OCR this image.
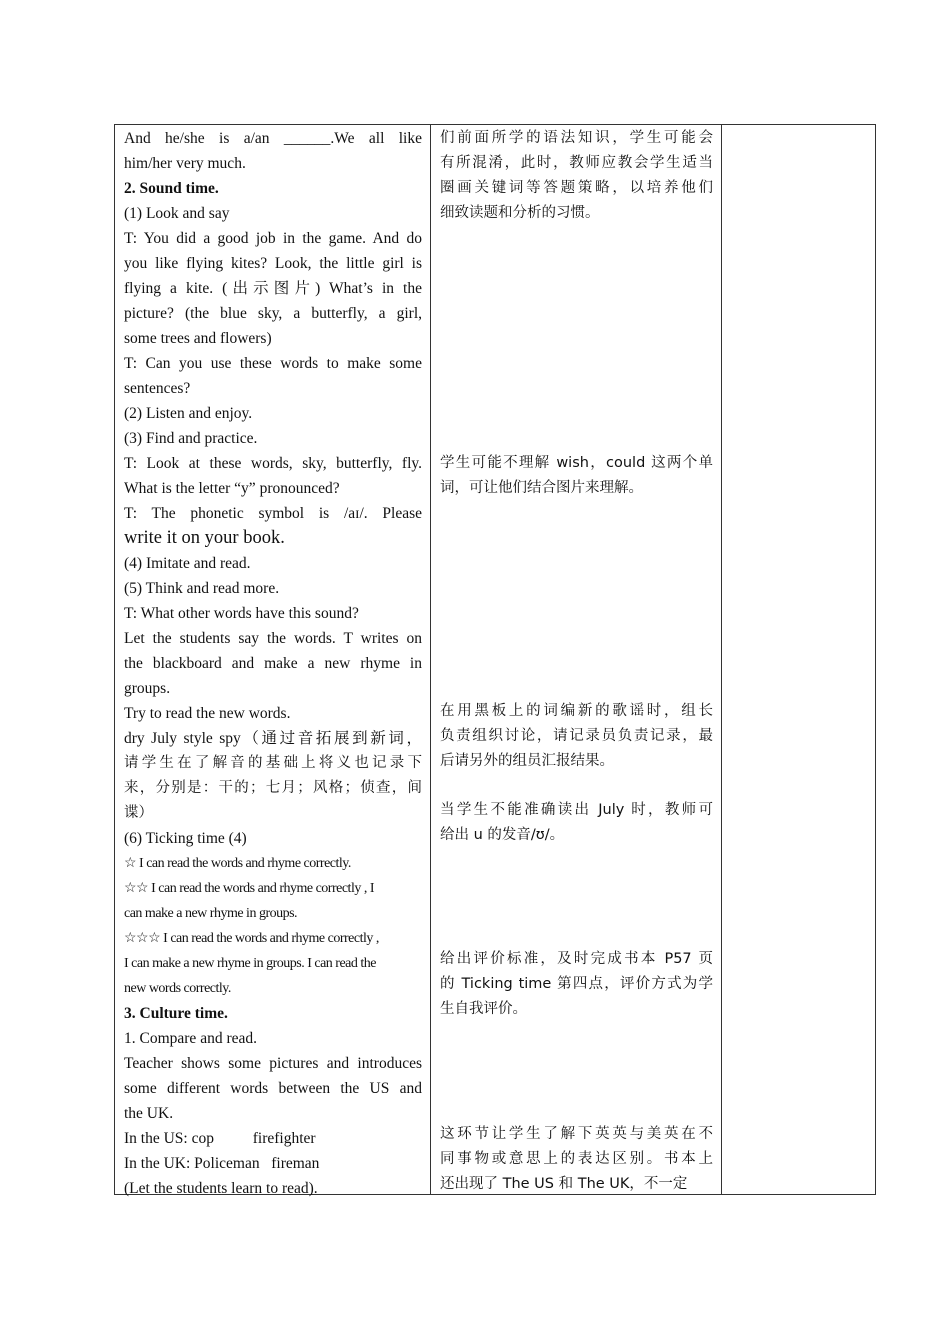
And he/she is a/an ______.We all like
him/her very much.
2. Sound time.
(1) Look and say
T: You did a good job in the game. And do
you like flying kites? Look, the little girl is
flying a kite. (出示图片) What’s in the
picture? (the blue sky, a butterfly, a girl,
some trees and flowers)
T: Can you use these words to make some
sentences?
(2) Listen and enjoy.
(3) Find and practice.
T: Look at these words, sky, butterfly, fly.
What is the letter “y” pronounced?
T: The phonetic symbol is /aɪ/. Please
write it on your book.
(4) Imitate and read.
(5) Think and read more.
T: What other words have this sound?
Let the students say the words. T writes on
the blackboard and make a new rhyme in
groups.
Try to read the new words.
dry July style spy（通过音拓展到新词，
请学生在了解音的基础上将义也记录下
来，分别是：干的；七月；风格；侦查，间
谍）
(6) Ticking time (4)
☆ I can read the words and rhyme correctly.
☆☆ I can read the words and rhyme correctly , I
can make a new rhyme in groups.
☆☆☆ I can read the words and rhyme correctly ,
I can make a new rhyme in groups. I can read the
new words correctly.
3. Culture time.
1. Compare and read.
Teacher shows some pictures and introduces
some different words between the US and
the UK.
In the US: cop          firefighter
In the UK: Policeman   fireman
(Let the students learn to read).
们前面所学的语法知识，学生可能会
有所混淆，此时，教师应教会学生适当
圈画关键词等答题策略，以培养他们
细致读题和分析的习惯。
学生可能不理解 wish，could 这两个单
词，可让他们结合图片来理解。
在用黑板上的词编新的歌谣时，组长
负责组织讨论，请记录员负责记录，最
后请另外的组员汇报结果。
当学生不能准确读出 July 时，教师可
给出 u 的发音/ʊ/。
给出评价标准，及时完成书本 P57 页
的 Ticking time 第四点，评价方式为学
生自我评价。
这环节让学生了解下英英与美英在不
同事物或意思上的表达区别。书本上
还出现了 The US 和 The UK，不一定
